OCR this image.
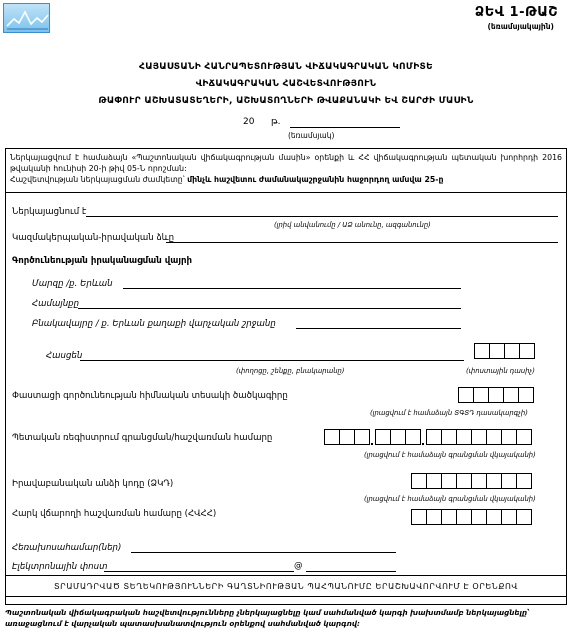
ՁԵՎ 1-ԹԱՇ
(եռամսյակային)
ՀԱՅԱՍՏԱՆԻ ՀԱՆՐԱՊԵՏՈՒԹՅԱՆ ՎԻՃԱԿԱԳՐԱԿԱՆ ԿՈՄԻՏԵ
ՎԻՃԱԿԱԳՐԱԿԱՆ ՀԱՇՎԵՏՎՈՒԹՅՈՒՆ
ԹԱՓՈՒՐ ԱՇԽԱՏԱՏԵՂԵՐԻ, ԱՇԽԱՏՈՂՆԵՐԻ ԹՎԱՔԱՆԱԿԻ ԵՎ ՇԱՐԺԻ ՄԱՍԻՆ
20 թ.
(եռամսյակ)
Ներկայացվում է համաձայն «Պաշտոնական վիճակագրության մասին» օրենքի և ՀՀ վիճակագրության պետական խորհրդի 2016 թվականի հունիսի 20-ի թիվ 05-Ն որոշման:
Հաշվետվության ներկայացման ժամկետը՝ մինչև հաշվետու ժամանակաշրջանին հաջորդող ամսվա 25-ը
Ներկայացնում է
(լրիվ անվանումը / ԱՁ անունը, ազգանունը)
Կազմակերպական-իրավական ձևը
Գործունեության իրականացման վայրի
Մարզը /ք. Երևան
Համայնքը
Բնակավայրը / ք. Երևան քաղաքի վարչական շրջանը
Հասցեն
(փողոցը, շենքը, բնակարանը)	(փոստային դասիչ)
Փաստացի գործունեության հիմնական տեսակի ծածկագիրը
(լրացվում է համաձայն ՏԳՏԴ դասակարգչի)
Պետական ռեգիստրում գրանցման/հաշվառման համարը
(լրացվում է համաձայն գրանցման վկայականի)
Իրավաբանական անձի կոդը (ՁԿԴ)
(լրացվում է համաձայն գրանցման վկայականի)
Հարկ վճարողի հաշվառման համարը (ՀՎՀՀ)
Հեռախոսահամար(ներ)
Էլեկտրոնային փոստ	@
ՏՐԱՄԱԴՐՎԱԾ ՏԵՂԵԿՈՒԹՅՈՒՆՆԵՐԻ ԳԱՂՏՆԻՈՒԹՅԱՆ ՊԱՀՊԱՆՈՒՄԸ ԵՐԱՇԽԱՎՈՐՎՈՒՄ Է ՕՐԵՆՔՈՎ
Պաշտոնական վիճակագրական հաշվետվությունները չներկայացնելը կամ սահմանված կարգի խախտմամբ ներկայացնելը՝ առաջացնում է վարչական պատասխանատվություն օրենքով սահմանված կարգով:
